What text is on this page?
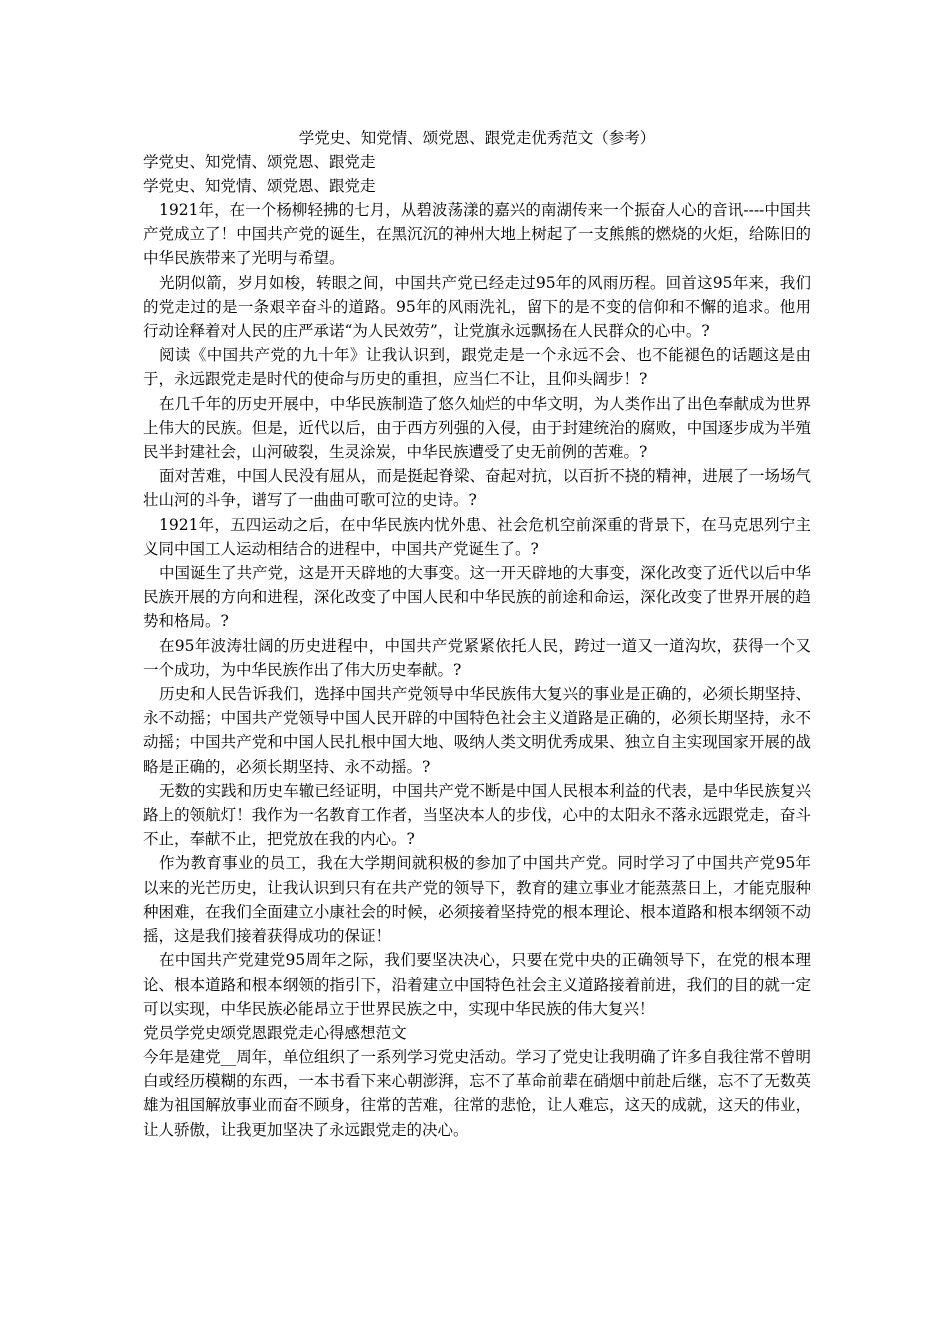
学党史、知党情、颂党恩、跟党走优秀范文（参考）

学党史、知党情、颂党恩、跟党走

学党史、知党情、颂党恩、跟党走

1921年，在一个杨柳轻拂的七月，从碧波荡漾的嘉兴的南湖传来一个振奋人心的音讯----中国共产党成立了！中国共产党的诞生，在黑沉沉的神州大地上树起了一支熊熊的燃烧的火炬，给陈旧的中华民族带来了光明与希望。

光阴似箭，岁月如梭，转眼之间，中国共产党已经走过95年的风雨历程。回首这95年来，我们的党走过的是一条艰辛奋斗的道路。95年的风雨洗礼，留下的是不变的信仰和不懈的追求。他用行动诠释着对人民的庄严承诺“为人民效劳”，让党旗永远飘扬在人民群众的心中。?

阅读《中国共产党的九十年》让我认识到，跟党走是一个永远不会、也不能褪色的话题这是由于，永远跟党走是时代的使命与历史的重担，应当仁不让，且仰头阔步！?

在几千年的历史开展中，中华民族制造了悠久灿烂的中华文明，为人类作出了出色奉献成为世界上伟大的民族。但是，近代以后，由于西方列强的入侵，由于封建统治的腐败，中国逐步成为半殖民半封建社会，山河破裂，生灵涂炭，中华民族遭受了史无前例的苦难。?

面对苦难，中国人民没有屈从，而是挺起脊梁、奋起对抗，以百折不挠的精神，进展了一场场气壮山河的斗争，谱写了一曲曲可歌可泣的史诗。?

1921年，五四运动之后，在中华民族内忧外患、社会危机空前深重的背景下，在马克思列宁主义同中国工人运动相结合的进程中，中国共产党诞生了。?

中国诞生了共产党，这是开天辟地的大事变。这一开天辟地的大事变，深化改变了近代以后中华民族开展的方向和进程，深化改变了中国人民和中华民族的前途和命运，深化改变了世界开展的趋势和格局。?

在95年波涛壮阔的历史进程中，中国共产党紧紧依托人民，跨过一道又一道沟坎，获得一个又一个成功，为中华民族作出了伟大历史奉献。?

历史和人民告诉我们，选择中国共产党领导中华民族伟大复兴的事业是正确的，必须长期坚持、永不动摇；中国共产党领导中国人民开辟的中国特色社会主义道路是正确的，必须长期坚持，永不动摇；中国共产党和中国人民扎根中国大地、吸纳人类文明优秀成果、独立自主实现国家开展的战略是正确的，必须长期坚持、永不动摇。?

无数的实践和历史车辙已经证明，中国共产党不断是中国人民根本利益的代表，是中华民族复兴路上的领航灯！我作为一名教育工作者，当坚决本人的步伐，心中的太阳永不落永远跟党走，奋斗不止，奉献不止，把党放在我的内心。?

作为教育事业的员工，我在大学期间就积极的参加了中国共产党。同时学习了中国共产党95年以来的光芒历史，让我认识到只有在共产党的领导下，教育的建立事业才能蒸蒸日上，才能克服种种困难，在我们全面建立小康社会的时候，必须接着坚持党的根本理论、根本道路和根本纲领不动摇，这是我们接着获得成功的保证！

在中国共产党建党95周年之际，我们要坚决决心，只要在党中央的正确领导下，在党的根本理论、根本道路和根本纲领的指引下，沿着建立中国特色社会主义道路接着前进，我们的目的就一定可以实现，中华民族必能昂立于世界民族之中，实现中华民族的伟大复兴！

党员学党史颂党恩跟党走心得感想范文

今年是建党__周年，单位组织了一系列学习党史活动。学习了党史让我明确了许多自我往常不曾明白或经历模糊的东西，一本书看下来心朝澎湃，忘不了革命前辈在硝烟中前赴后继，忘不了无数英雄为祖国解放事业而奋不顾身，往常的苦难，往常的悲怆，让人难忘，这天的成就，这天的伟业，让人骄傲，让我更加坚决了永远跟党走的决心。
